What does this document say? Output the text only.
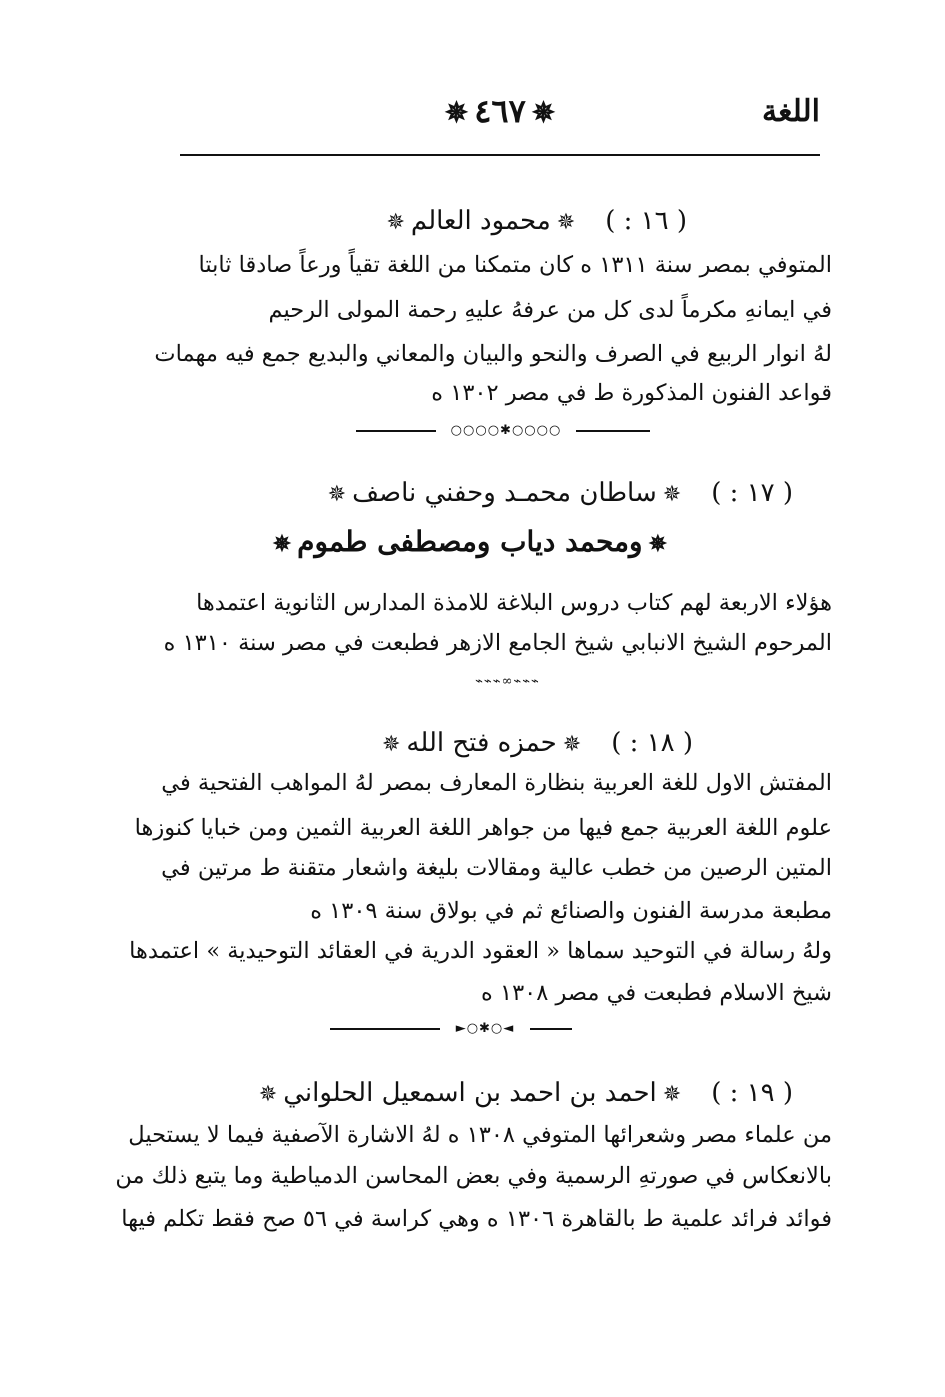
اللغة
✵٤٦٧✵
( ١٦ : )✵محمود العالم✵
المتوفي بمصر سنة ١٣١١ ه كان متمكنا من اللغة تقياً ورعاً صادقا ثابتا
في ايمانهِ مكرماً لدى كل من عرفهُ عليهِ رحمة المولى الرحيم
لهُ انوار الربيع في الصرف والنحو والبيان والمعاني والبديع جمع فيه مهمات
قواعد الفنون المذكورة ط في مصر ١٣٠٢ ه
○○○○✱○○○○
( ١٧ : )✵ساطان محمـد وحفني ناصف✵
✵ومحمد دياب ومصطفى طموم✵
هؤلاء الاربعة لهم كتاب دروس البلاغة للامذة المدارس الثانوية اعتمدها
المرحوم الشيخ الانبابي شيخ الجامع الازهر فطبعت في مصر سنة ١٣١٠ ه
⌁⌁⌁∞⌁⌁⌁
( ١٨ : )✵حمزه فتح الله✵
المفتش الاول للغة العربية بنظارة المعارف بمصر لهُ المواهب الفتحية في
علوم اللغة العربية جمع فيها من جواهر اللغة العربية الثمين ومن خبايا كنوزها
المتين الرصين من خطب عالية ومقالات بليغة واشعار متقنة ط مرتين في
مطبعة مدرسة الفنون والصنائع ثم في بولاق سنة ١٣٠٩ ه
ولهُ رسالة في التوحيد سماها « العقود الدرية في العقائد التوحيدية » اعتمدها
شيخ الاسلام فطبعت في مصر ١٣٠٨ ه
►○✱○◄
( ١٩ : )✵احمد بن احمد بن اسمعيل الحلواني✵
من علماء مصر وشعرائها المتوفي ١٣٠٨ ه لهُ الاشارة الآصفية فيما لا يستحيل
بالانعكاس في صورتهِ الرسمية وفي بعض المحاسن الدمياطية وما يتبع ذلك من
فوائد فرائد علمية ط بالقاهرة ١٣٠٦ ه وهي كراسة في ٥٦ صح فقط تكلم فيها
